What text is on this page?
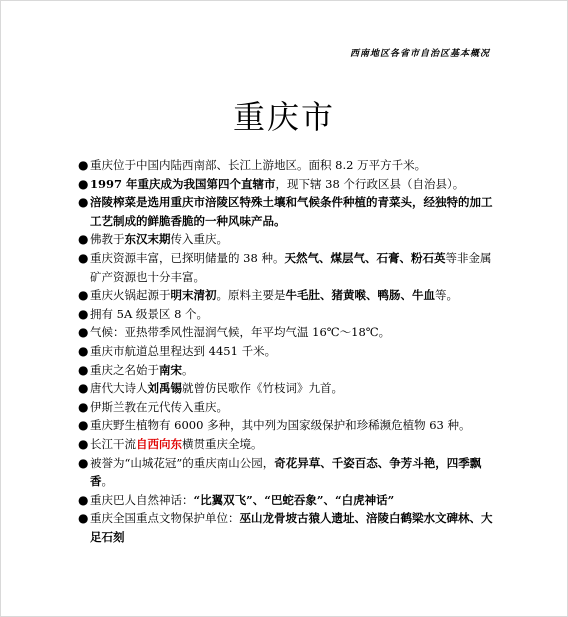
西南地区各省市自治区基本概况
重庆市
● 重庆位于中国内陆西南部、长江上游地区。面积 8.2 万平方千米。
● 1997 年重庆成为我国第四个直辖市，现下辖 38 个行政区县（自治县）。
● 涪陵榨菜是选用重庆市涪陵区特殊土壤和气候条件种植的青菜头，经独特的加工工艺制成的鲜脆香脆的一种风味产品。
● 佛教于东汉末期传入重庆。
● 重庆资源丰富，已探明储量的 38 种。天然气、煤层气、石膏、粉石英等非金属矿产资源也十分丰富。
● 重庆火锅起源于明末清初。原料主要是牛毛肚、猪黄喉、鸭肠、牛血等。
● 拥有 5A 级景区 8 个。
● 气候：亚热带季风性湿润气候，年平均气温 16℃～18℃。
● 重庆市航道总里程达到 4451 千米。
● 重庆之名始于南宋。
● 唐代大诗人刘禹锡就曾仿民歌作《竹枝词》九首。
● 伊斯兰教在元代传入重庆。
● 重庆野生植物有 6000 多种，其中列为国家级保护和珍稀濒危植物 63 种。
● 长江干流自西向东横贯重庆全境。
● 被誉为“山城花冠”的重庆南山公园，奇花异草、千姿百态、争芳斗艳，四季飘香。
● 重庆巴人自然神话：“比翼双飞”、“巴蛇吞象”、“白虎神话”
● 重庆全国重点文物保护单位：巫山龙骨坡古猿人遗址、涪陵白鹤梁水文碑林、大足石刻
